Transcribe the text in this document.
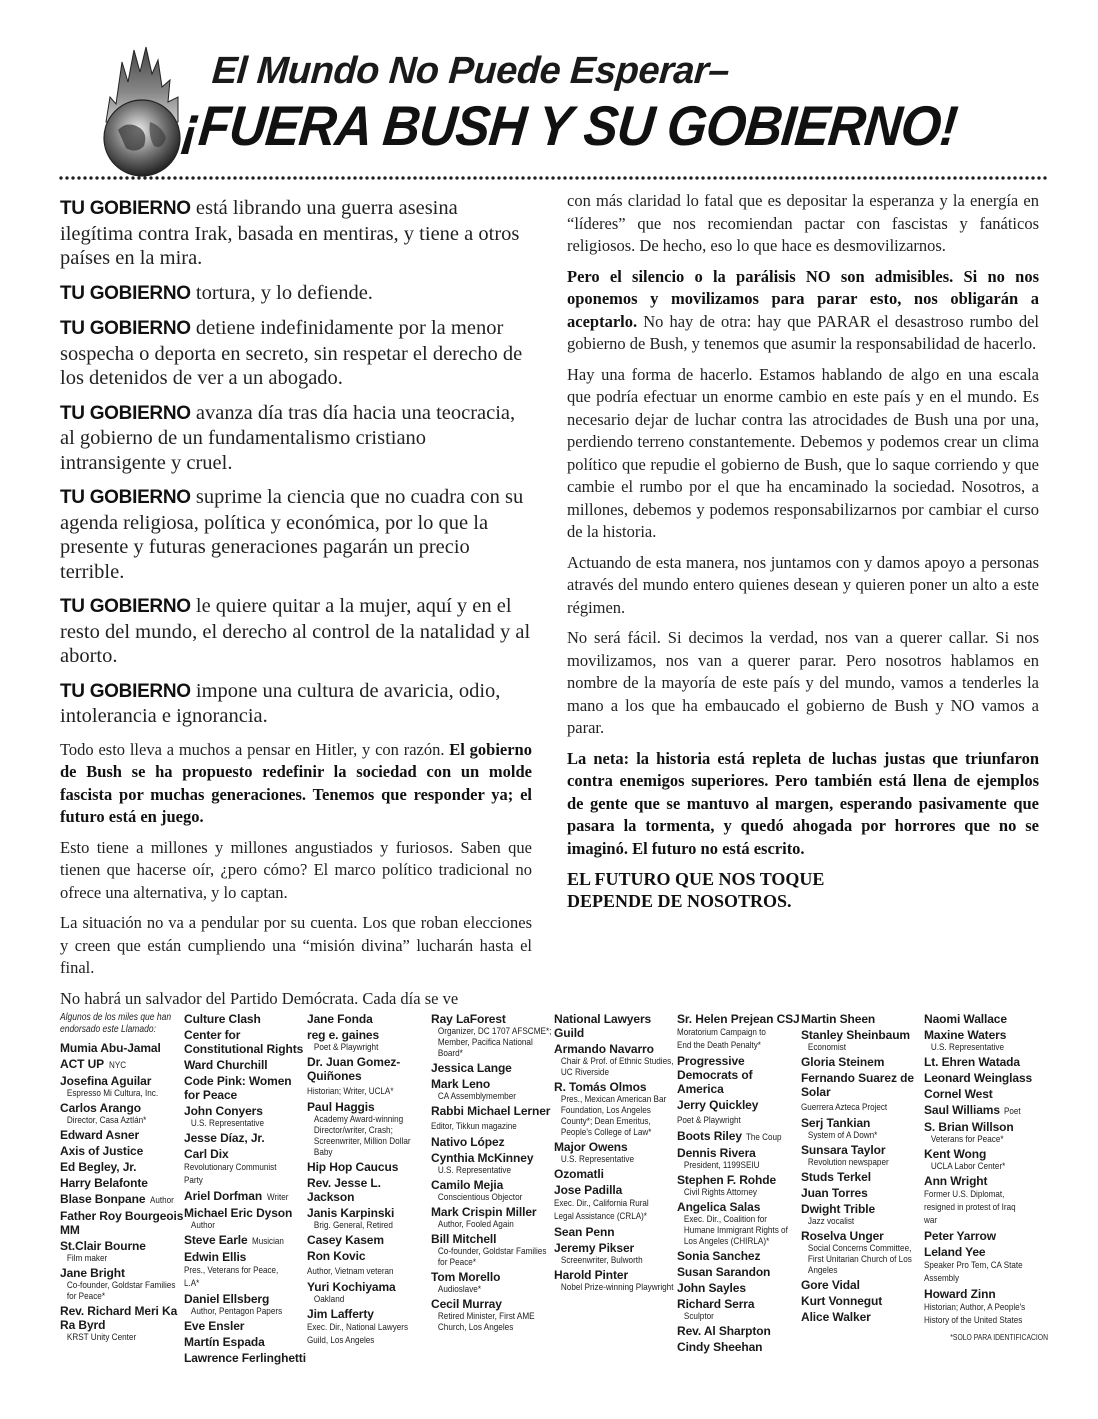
El Mundo No Puede Esperar–
¡FUERA BUSH Y SU GOBIERNO!

TU GOBIERNO está librando una guerra asesina ilegítima contra Irak, basada en mentiras, y tiene a otros países en la mira.

TU GOBIERNO tortura, y lo defiende.

TU GOBIERNO detiene indefinidamente por la menor sospecha o deporta en secreto, sin respetar el derecho de los detenidos de ver a un abogado.

TU GOBIERNO avanza día tras día hacia una teocracia, al gobierno de un fundamentalismo cristiano intransigente y cruel.

TU GOBIERNO suprime la ciencia que no cuadra con su agenda religiosa, política y económica, por lo que la presente y futuras generaciones pagarán un precio terrible.

TU GOBIERNO le quiere quitar a la mujer, aquí y en el resto del mundo, el derecho al control de la natalidad y al aborto.

TU GOBIERNO impone una cultura de avaricia, odio, intolerancia e ignorancia.

Todo esto lleva a muchos a pensar en Hitler, y con razón. El gobierno de Bush se ha propuesto redefinir la sociedad con un molde fascista por muchas generaciones. Tenemos que responder ya; el futuro está en juego.

Esto tiene a millones y millones angustiados y furiosos. Saben que tienen que hacerse oír, ¿pero cómo? El marco político tradicional no ofrece una alternativa, y lo captan.

La situación no va a pendular por su cuenta. Los que roban elecciones y creen que están cumpliendo una “misión divina” lucharán hasta el final.

No habrá un salvador del Partido Demócrata. Cada día se ve

con más claridad lo fatal que es depositar la esperanza y la energía en “líderes” que nos recomiendan pactar con fascistas y fanáticos religiosos. De hecho, eso lo que hace es desmovilizarnos.

Pero el silencio o la parálisis NO son admisibles. Si no nos oponemos y movilizamos para parar esto, nos obligarán a aceptarlo. No hay de otra: hay que PARAR el desastroso rumbo del gobierno de Bush, y tenemos que asumir la responsabilidad de hacerlo.

Hay una forma de hacerlo. Estamos hablando de algo en una escala que podría efectuar un enorme cambio en este país y en el mundo. Es necesario dejar de luchar contra las atrocidades de Bush una por una, perdiendo terreno constantemente. Debemos y podemos crear un clima político que repudie el gobierno de Bush, que lo saque corriendo y que cambie el rumbo por el que ha encaminado la sociedad. Nosotros, a millones, debemos y podemos responsabilizarnos por cambiar el curso de la historia.

Actuando de esta manera, nos juntamos con y damos apoyo a personas através del mundo entero quienes desean y quieren poner un alto a este régimen.

No será fácil. Si decimos la verdad, nos van a querer callar. Si nos movilizamos, nos van a querer parar. Pero nosotros hablamos en nombre de la mayoría de este país y del mundo, vamos a tenderles la mano a los que ha embaucado el gobierno de Bush y NO vamos a parar.

La neta: la historia está repleta de luchas justas que triunfaron contra enemigos superiores. Pero también está llena de ejemplos de gente que se mantuvo al margen, esperando pasivamente que pasara la tormenta, y quedó ahogada por horrores que no se imaginó. El futuro no está escrito.

EL FUTURO QUE NOS TOQUE
DEPENDE DE NOSOTROS.
Algunos de los miles que han endorsado este Llamado:
Mumia Abu-Jamal
ACT UP NYC
Josefina Aguilar
Espresso Mi Cultura, Inc.
Carlos Arango
Director, Casa Aztlán*
Edward Asner
Axis of Justice
Ed Begley, Jr.
Harry Belafonte
Blase Bonpane Author
Father Roy Bourgeois MM
St.Clair Bourne
Film maker
Jane Bright
Co-founder, Goldstar Families for Peace*
Rev. Richard Meri Ka Ra Byrd
KRST Unity Center
Culture Clash
Center for Constitutional Rights
Ward Churchill
Code Pink: Women for Peace
John Conyers
U.S. Representative
Jesse Díaz, Jr.
Carl Dix Revolutionary Communist Party
Ariel Dorfman Writer
Michael Eric Dyson
Author
Steve Earle Musician
Edwin Ellis Pres., Veterans for Peace, L.A*
Daniel Ellsberg
Author, Pentagon Papers
Eve Ensler
Martín Espada
Lawrence Ferlinghetti
Jane Fonda
reg e. gaines
Poet & Playwright
Dr. Juan Gomez-Quiñones Historian; Writer, UCLA*
Paul Haggis
Academy Award-winning Director/writer, Crash; Screenwriter, Million Dollar Baby
Hip Hop Caucus
Rev. Jesse L. Jackson
Janis Karpinski
Brig. General, Retired
Casey Kasem
Ron Kovic Author, Vietnam veteran
Yuri Kochiyama
Oakland
Jim Lafferty Exec. Dir., National Lawyers Guild, Los Angeles
Ray LaForest
Organizer, DC 1707 AFSCME*; Member, Pacifica National Board*
Jessica Lange
Mark Leno
CA Assemblymember
Rabbi Michael Lerner Editor, Tikkun magazine
Nativo López
Cynthia McKinney
U.S. Representative
Camilo Mejia
Conscientious Objector
Mark Crispin Miller
Author, Fooled Again
Bill Mitchell
Co-founder, Goldstar Families for Peace*
Tom Morello
Audioslave*
Cecil Murray
Retired Minister, First AME Church, Los Angeles
National Lawyers Guild
Armando Navarro
Chair & Prof. of Ethnic Studies, UC Riverside
R. Tomás Olmos
Pres., Mexican American Bar Foundation, Los Angeles County*; Dean Emeritus, People's College of Law*
Major Owens
U.S. Representative
Ozomatli
Jose Padilla Exec. Dir., California Rural Legal Assistance (CRLA)*
Sean Penn
Jeremy Pikser
Screenwriter, Bulworth
Harold Pinter
Nobel Prize-winning Playwright
Sr. Helen Prejean CSJ Moratorium Campaign to End the Death Penalty*
Progressive Democrats of America
Jerry Quickley Poet & Playwright
Boots Riley The Coup
Dennis Rivera
President, 1199SEIU
Stephen F. Rohde
Civil Rights Attorney
Angelica Salas
Exec. Dir., Coalition for Humane Immigrant Rights of Los Angeles (CHIRLA)*
Sonia Sanchez
Susan Sarandon
John Sayles
Richard Serra
Sculptor
Rev. Al Sharpton
Cindy Sheehan
Martin Sheen
Stanley Sheinbaum
Economist
Gloria Steinem
Fernando Suarez de Solar Guerrera Azteca Project
Serj Tankian
System of A Down*
Sunsara Taylor
Revolution newspaper
Studs Terkel
Juan Torres
Dwight Trible
Jazz vocalist
Roselva Unger
Social Concerns Committee, First Unitarian Church of Los Angeles
Gore Vidal
Kurt Vonnegut
Alice Walker
Naomi Wallace
Maxine Waters
U.S. Representative
Lt. Ehren Watada
Leonard Weinglass
Cornel West
Saul Williams Poet
S. Brian Willson
Veterans for Peace*
Kent Wong
UCLA Labor Center*
Ann Wright Former U.S. Diplomat, resigned in protest of Iraq war
Peter Yarrow
Leland Yee Speaker Pro Tem, CA State Assembly
Howard Zinn Historian; Author, A People's History of the United States
*SOLO PARA IDENTIFICACION
